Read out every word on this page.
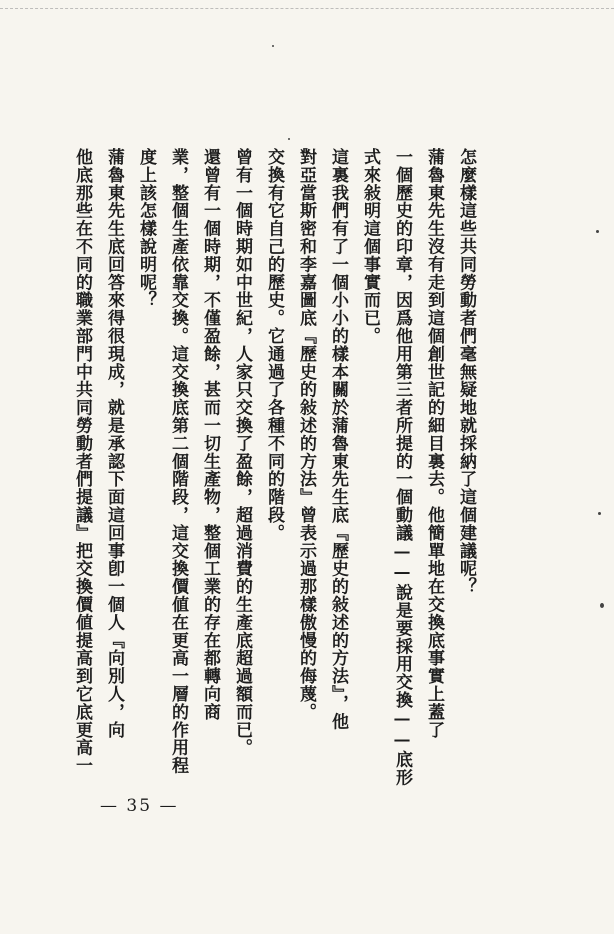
怎麼樣這些共同勞動者們毫無疑地就採納了這個建議呢？
蒲魯東先生沒有走到這個創世記的細目裏去。他簡單地在交換底事實上蓋了
一個歷史的印章，因爲他用第三者所提的一個動議——說是要採用交換——底形
式來敍明這個事實而已。
這裏我們有了一個小小的樣本關於蒲魯東先生底『歷史的敍述的方法』，他
對亞當斯密和李嘉圖底『歷史的敍述的方法』曾表示過那樣傲慢的侮蔑。
交換有它自己的歷史。它通過了各種不同的階段。
曾有一個時期如中世紀，人家只交換了盈餘，超過消費的生產底超過額而已。
還曾有一個時期，不僅盈餘，甚而一切生產物，整個工業的存在都轉向商
業，整個生產依靠交換。這交換底第二個階段，這交換價値在更高一層的作用程
度上該怎樣說明呢？
蒲魯東先生底回答來得很現成，就是承認下面這回事卽一個人『向別人，向
他底那些在不同的職業部門中共同勞動者們提議』把交換價値提高到它底更高一
— 35 —
